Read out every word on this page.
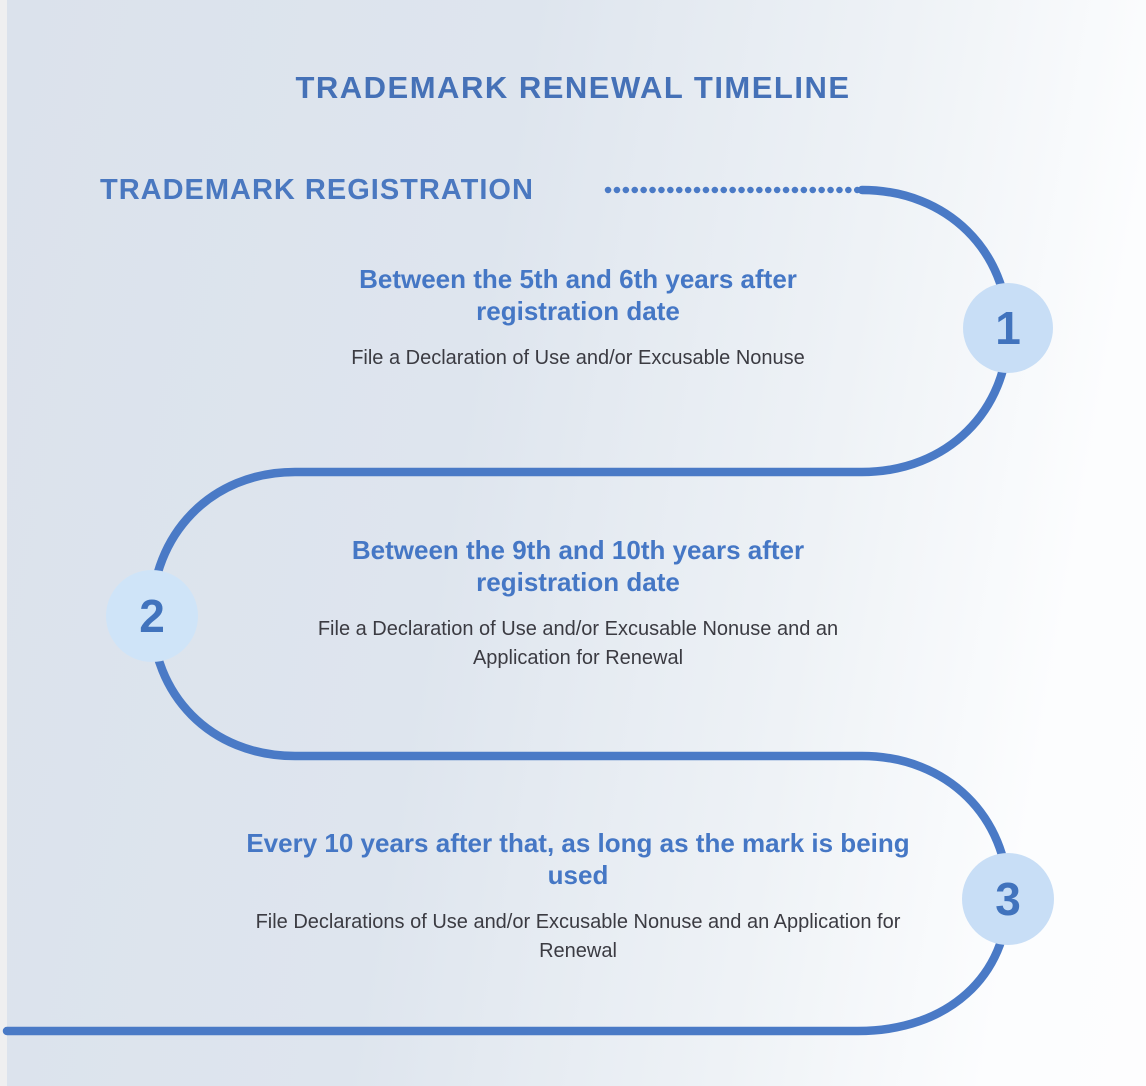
TRADEMARK RENEWAL TIMELINE
TRADEMARK REGISTRATION
Between the 5th and 6th years after registration date

File a Declaration of Use and/or Excusable Nonuse

Between the 9th and 10th years after registration date

File a Declaration of Use and/or Excusable Nonuse and an Application for Renewal

Every 10 years after that, as long as the mark is being used

File Declarations of Use and/or Excusable Nonuse and an Application for Renewal

1
2
3
